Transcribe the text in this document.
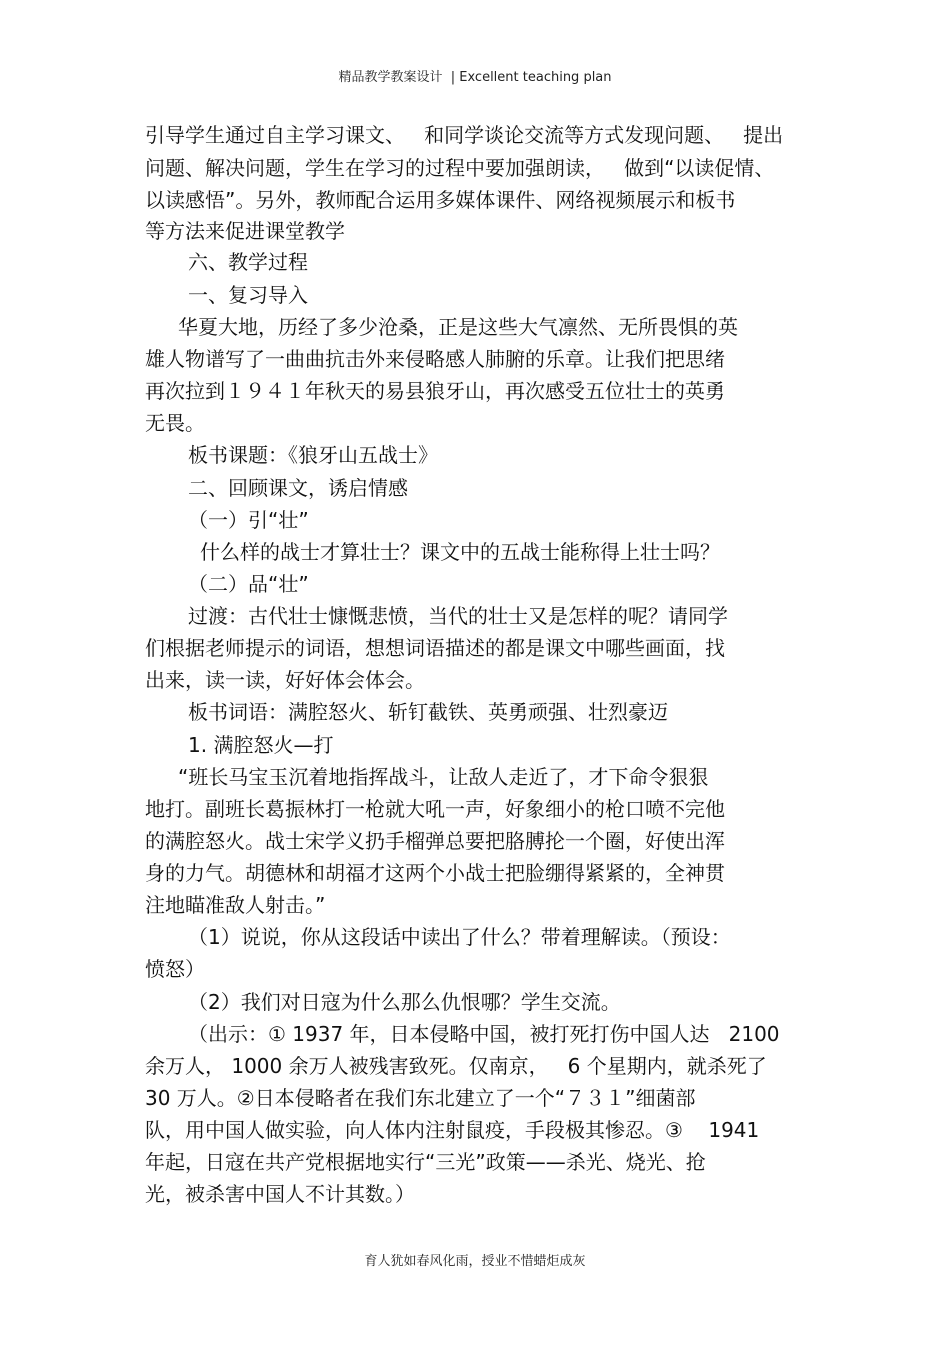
精品教学教案设计  | Excellent teaching plan
引导学生通过自主学习课文、   和同学谈论交流等方式发现问题、   提出
问题、解决问题，学生在学习的过程中要加强朗读，   做到“以读促情、
以读感悟”。另外，教师配合运用多媒体课件、网络视频展示和板书
等方法来促进课堂教学
六、教学过程
一、复习导入
华夏大地，历经了多少沧桑，正是这些大气凛然、无所畏惧的英
雄人物谱写了一曲曲抗击外来侵略感人肺腑的乐章。让我们把思绪
再次拉到１９４１年秋天的易县狼牙山，再次感受五位壮士的英勇
无畏。
板书课题：《狼牙山五战士》
二、回顾课文，诱启情感
（一）引“壮”
什么样的战士才算壮士？课文中的五战士能称得上壮士吗？
（二）品“壮”
过渡：古代壮士慷慨悲愤，当代的壮士又是怎样的呢？请同学
们根据老师提示的词语，想想词语描述的都是课文中哪些画面，找
出来，读一读，好好体会体会。
板书词语：满腔怒火、斩钉截铁、英勇顽强、壮烈豪迈
1. 满腔怒火—打
“班长马宝玉沉着地指挥战斗，让敌人走近了，才下命令狠狠
地打。副班长葛振林打一枪就大吼一声，好象细小的枪口喷不完他
的满腔怒火。战士宋学义扔手榴弹总要把胳膊抡一个圈，好使出浑
身的力气。胡德林和胡福才这两个小战士把脸绷得紧紧的，全神贯
注地瞄准敌人射击。”
（1）说说，你从这段话中读出了什么？带着理解读。（预设：
愤怒）
（2）我们对日寇为什么那么仇恨哪？学生交流。
（出示：① 1937 年，日本侵略中国，被打死打伤中国人达   2100
余万人， 1000 余万人被残害致死。仅南京，   6 个星期内，就杀死了
30 万人。②日本侵略者在我们东北建立了一个“７３１”细菌部
队，用中国人做实验，向人体内注射鼠疫，手段极其惨忍。③    1941
年起，日寇在共产党根据地实行“三光”政策——杀光、烧光、抢
光，被杀害中国人不计其数。）
育人犹如春风化雨，授业不惜蜡炬成灰
